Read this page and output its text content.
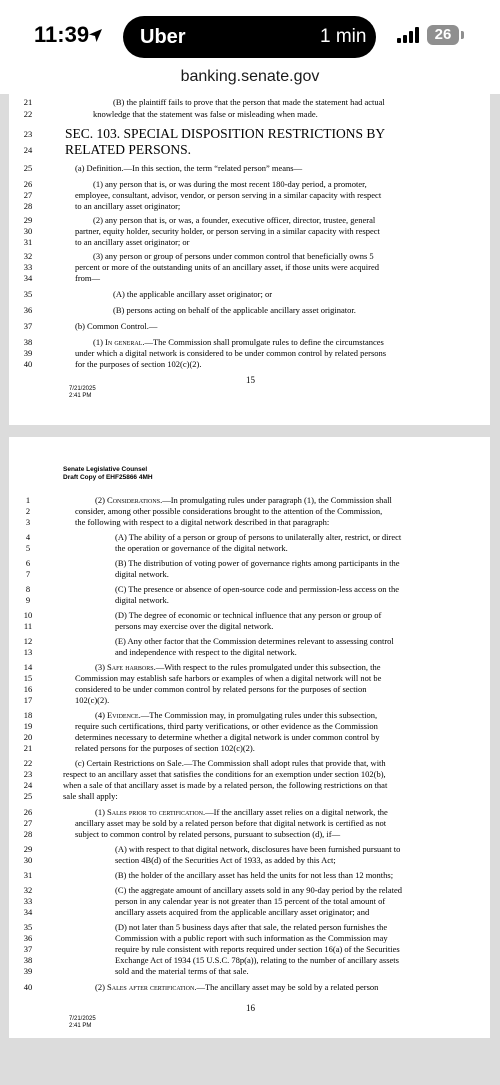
11:39	Uber	1 min	26
banking.senate.gov
21
22
23
24
25
26
27
28
29
30
31
32
33
34
35
36
37
38
39
40
(B) the plaintiff fails to prove that the person that made the statement had actual
knowledge that the statement was false or misleading when made.
SEC. 103. SPECIAL DISPOSITION RESTRICTIONS BY
RELATED PERSONS.
(a) Definition.—In this section, the term “related person” means—
(1) any person that is, or was during the most recent 180-day period, a promoter,
employee, consultant, advisor, vendor, or person serving in a similar capacity with respect
to an ancillary asset originator;
(2) any person that is, or was, a founder, executive officer, director, trustee, general
partner, equity holder, security holder, or person serving in a similar capacity with respect
to an ancillary asset originator; or
(3) any person or group of persons under common control that beneficially owns 5
percent or more of the outstanding units of an ancillary asset, if those units were acquired
from—
(A) the applicable ancillary asset originator; or
(B) persons acting on behalf of the applicable ancillary asset originator.
(b) Common Control.—
(1) In general.—The Commission shall promulgate rules to define the circumstances
under which a digital network is considered to be under common control by related persons
for the purposes of section 102(c)(2).
15
7/21/2025
2:41 PM
Senate Legislative Counsel
Draft Copy of EHF25866 4MH
1
2
3
4
5
6
7
8
9
10
11
12
13
14
15
16
17
18
19
20
21
22
23
24
25
26
27
28
29
30
31
32
33
34
35
36
37
38
39
40
(2) Considerations.—In promulgating rules under paragraph (1), the Commission shall
consider, among other possible considerations brought to the attention of the Commission,
the following with respect to a digital network described in that paragraph:
(A) The ability of a person or group of persons to unilaterally alter, restrict, or direct
the operation or governance of the digital network.
(B) The distribution of voting power of governance rights among participants in the
digital network.
(C) The presence or absence of open-source code and permission-less access on the
digital network.
(D) The degree of economic or technical influence that any person or group of
persons may exercise over the digital network.
(E) Any other factor that the Commission determines relevant to assessing control
and independence with respect to the digital network.
(3) Safe harbors.—With respect to the rules promulgated under this subsection, the
Commission may establish safe harbors or examples of when a digital network will not be
considered to be under common control by related persons for the purposes of section
102(c)(2).
(4) Evidence.—The Commission may, in promulgating rules under this subsection,
require such certifications, third party verifications, or other evidence as the Commission
determines necessary to determine whether a digital network is under common control by
related persons for the purposes of section 102(c)(2).
(c) Certain Restrictions on Sale.—The Commission shall adopt rules that provide that, with
respect to an ancillary asset that satisfies the conditions for an exemption under section 102(b),
when a sale of that ancillary asset is made by a related person, the following restrictions on that
sale shall apply:
(1) Sales prior to certification.—If the ancillary asset relies on a digital network, the
ancillary asset may be sold by a related person before that digital network is certified as not
subject to common control by related persons, pursuant to subsection (d), if—
(A) with respect to that digital network, disclosures have been furnished pursuant to
section 4B(d) of the Securities Act of 1933, as added by this Act;
(B) the holder of the ancillary asset has held the units for not less than 12 months;
(C) the aggregate amount of ancillary assets sold in any 90-day period by the related
person in any calendar year is not greater than 15 percent of the total amount of
ancillary assets acquired from the applicable ancillary asset originator; and
(D) not later than 5 business days after that sale, the related person furnishes the
Commission with a public report with such information as the Commission may
require by rule consistent with reports required under section 16(a) of the Securities
Exchange Act of 1934 (15 U.S.C. 78p(a)), relating to the number of ancillary assets
sold and the material terms of that sale.
(2) Sales after certification.—The ancillary asset may be sold by a related person
16
7/21/2025
2:41 PM
